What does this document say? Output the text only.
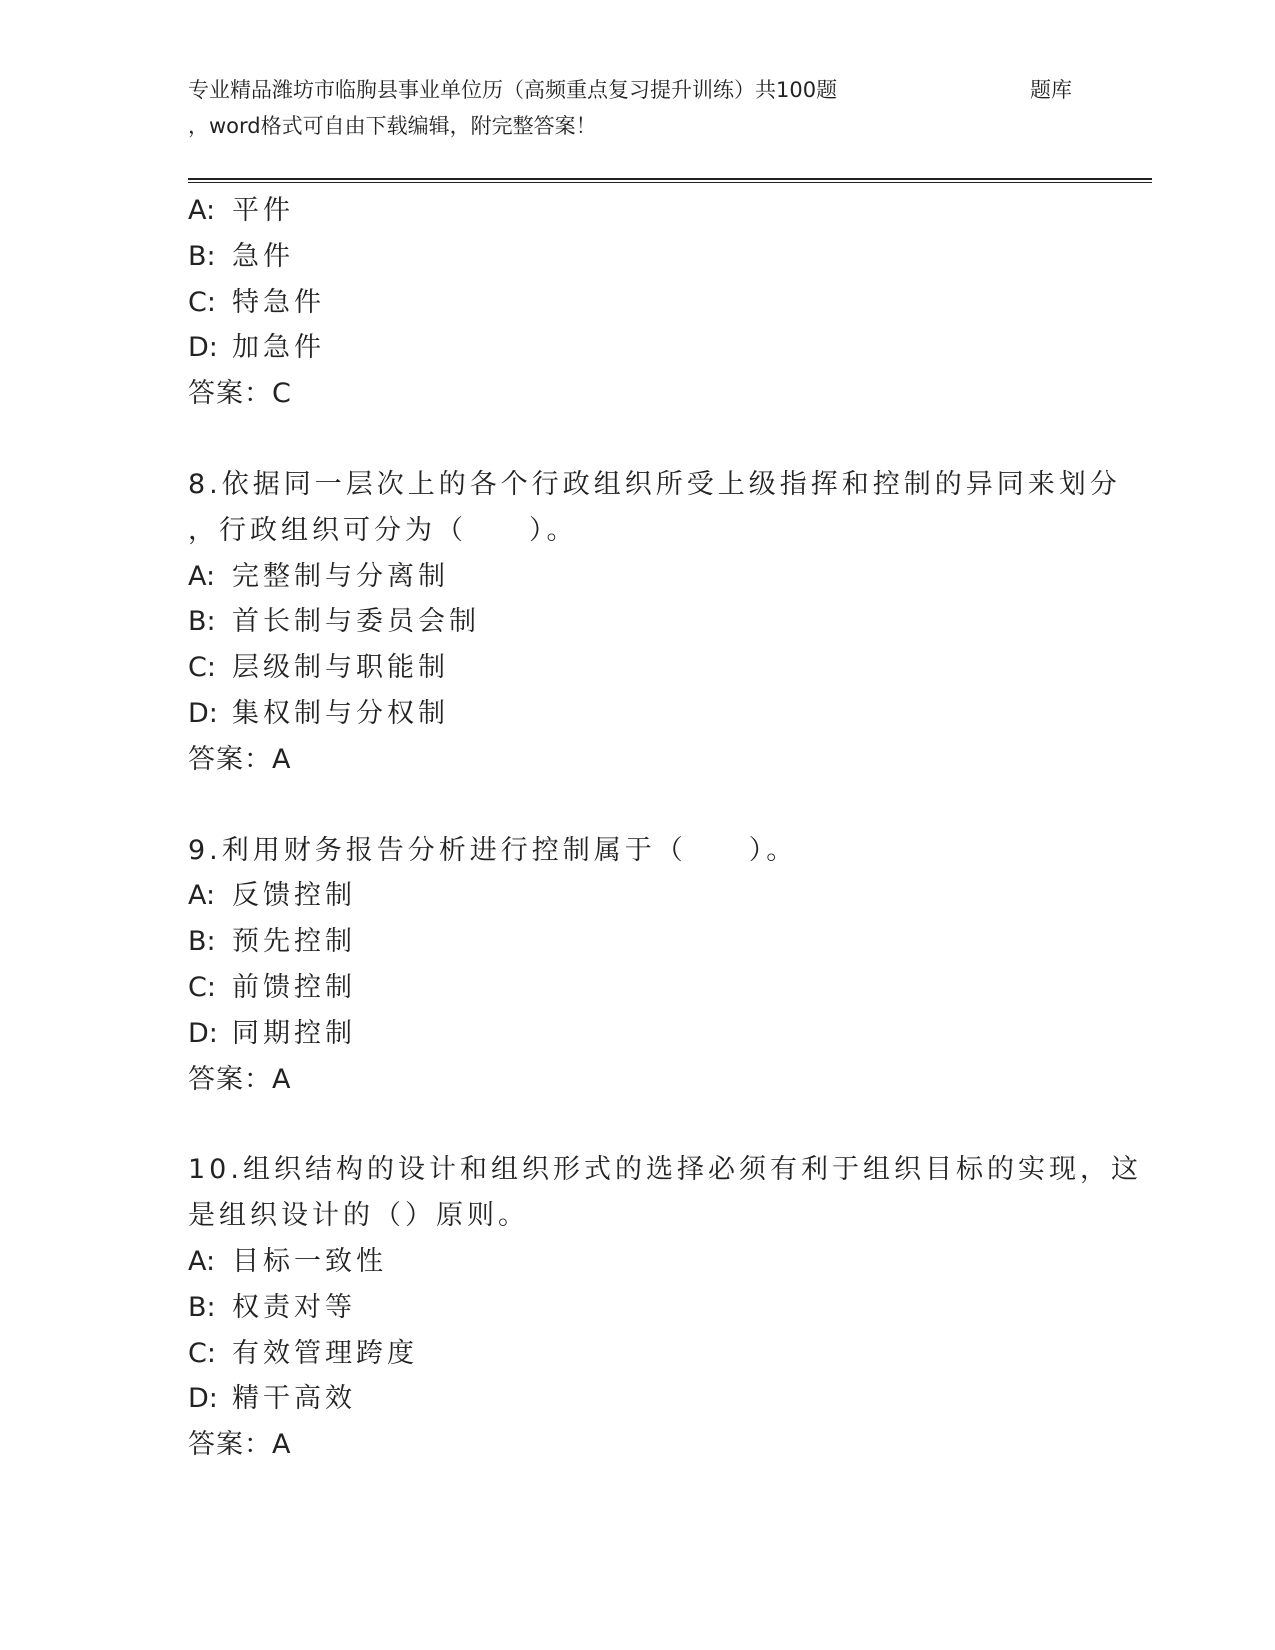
专业精品潍坊市临朐县事业单位历（高频重点复习提升训练）共100题	题库
，word格式可自由下载编辑，附完整答案！
A: 平件
B: 急件
C: 特急件
D: 加急件
答案：C
8.依据同一层次上的各个行政组织所受上级指挥和控制的异同来划分
，行政组织可分为（　　）。
A: 完整制与分离制
B: 首长制与委员会制
C: 层级制与职能制
D: 集权制与分权制
答案：A
9.利用财务报告分析进行控制属于（　　）。
A: 反馈控制
B: 预先控制
C: 前馈控制
D: 同期控制
答案：A
10.组织结构的设计和组织形式的选择必须有利于组织目标的实现，这
是组织设计的（）原则。
A: 目标一致性
B: 权责对等
C: 有效管理跨度
D: 精干高效
答案：A
